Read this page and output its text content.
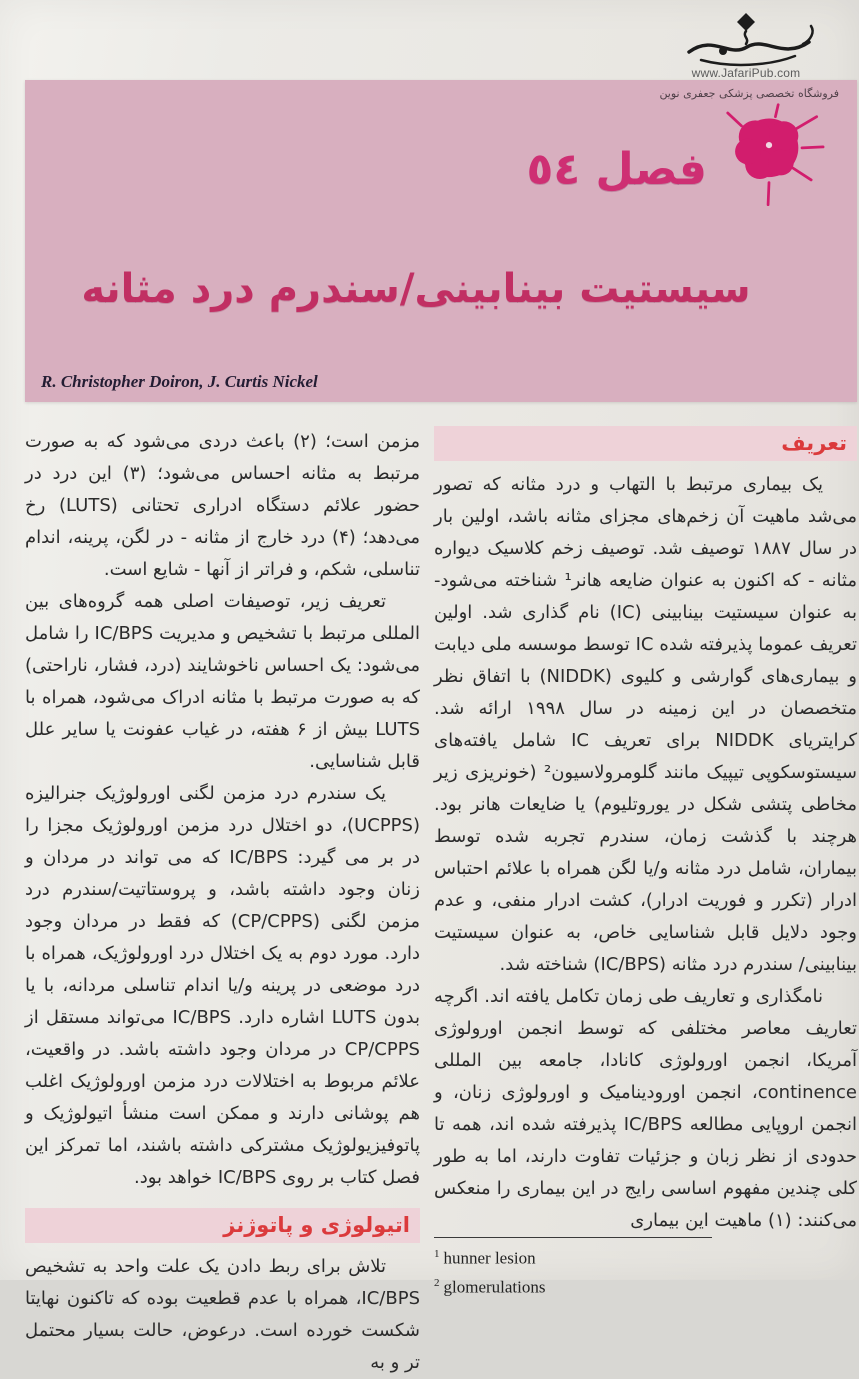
www.JafariPub.com
فروشگاه تخصصی پزشکی جعفری نوین
فصل ٥٤
سیستیت بینابینی/سندرم درد مثانه
R. Christopher Doiron, J. Curtis Nickel
تعریف

یک بیماری مرتبط با التهاب و درد مثانه که تصور می‌شد ماهیت آن زخم‌های مجزای مثانه باشد، اولین بار در سال ۱۸۸۷ توصیف شد. توصیف زخم کلاسیک دیواره مثانه - که اکنون به عنوان ضایعه هانر¹ شناخته می‌شود- به عنوان سیستیت بینابینی (IC) نام گذاری شد. اولین تعریف عموما پذیرفته شده IC توسط موسسه ملی دیابت و بیماری‌های گوارشی و کلیوی (NIDDK) با اتفاق نظر متخصصان در این زمینه در سال ۱۹۹۸ ارائه شد. کرایتریای NIDDK برای تعریف IC شامل یافته‌های سیستوسکوپی تیپیک مانند گلومرولاسیون² (خونریزی زیر مخاطی پتشی شکل در یوروتلیوم) یا ضایعات هانر بود. هرچند با گذشت زمان، سندرم تجربه شده توسط بیماران، شامل درد مثانه و/یا لگن همراه با علائم احتباس ادرار (تکرر و فوریت ادرار)، کشت ادرار منفی، و عدم وجود دلایل قابل شناسایی خاص، به عنوان سیستیت بینابینی/ سندرم درد مثانه (IC/BPS) شناخته شد.

نامگذاری و تعاریف طی زمان تکامل یافته اند. اگرچه تعاریف معاصر مختلفی که توسط انجمن اورولوژی آمریکا، انجمن اورولوژی کانادا، جامعه بین المللی continence، انجمن اورودینامیک و اورولوژی زنان، و انجمن اروپایی مطالعه IC/BPS پذیرفته شده اند، همه تا حدودی از نظر زبان و جزئیات تفاوت دارند، اما به طور کلی چندین مفهوم اساسی رایج در این بیماری را منعکس می‌کنند: (۱) ماهیت این بیماری

$^1$ hunner lesion
$^2$ glomerulations

مزمن است؛ (۲) باعث دردی می‌شود که به صورت مرتبط به مثانه احساس می‌شود؛ (۳) این درد در حضور علائم دستگاه ادراری تحتانی (LUTS) رخ می‌دهد؛ (۴) درد خارج از مثانه - در لگن، پرینه، اندام تناسلی، شکم، و فراتر از آنها - شایع است.

تعریف زیر، توصیفات اصلی همه گروه‌های بین المللی مرتبط با تشخیص و مدیریت IC/BPS را شامل می‌شود: یک احساس ناخوشایند (درد، فشار، ناراحتی) که به صورت مرتبط با مثانه ادراک می‌شود، همراه با LUTS بیش از ۶ هفته، در غیاب عفونت یا سایر علل قابل شناسایی.

یک سندرم درد مزمن لگنی اورولوژیک جنرالیزه (UCPPS)، دو اختلال درد مزمن اورولوژیک مجزا را در بر می گیرد: IC/BPS که می تواند در مردان و زنان وجود داشته باشد، و پروستاتیت/سندرم درد مزمن لگنی (CP/CPPS) که فقط در مردان وجود دارد. مورد دوم به یک اختلال درد اورولوژیک، همراه با درد موضعی در پرینه و/یا اندام تناسلی مردانه، با یا بدون LUTS اشاره دارد. IC/BPS می‌تواند مستقل از CP/CPPS در مردان وجود داشته باشد. در واقعیت، علائم مربوط به اختلالات درد مزمن اورولوژیک اغلب هم پوشانی دارند و ممکن است منشأ اتیولوژیک و پاتوفیزیولوژیک مشترکی داشته باشند، اما تمرکز این فصل کتاب بر روی IC/BPS خواهد بود.

اتیولوژی و پاتوژنز

تلاش برای ربط دادن یک علت واحد به تشخیص IC/BPS، همراه با عدم قطعیت بوده که تاکنون نهایتا شکست خورده است. درعوض، حالت بسیار محتمل تر و به
